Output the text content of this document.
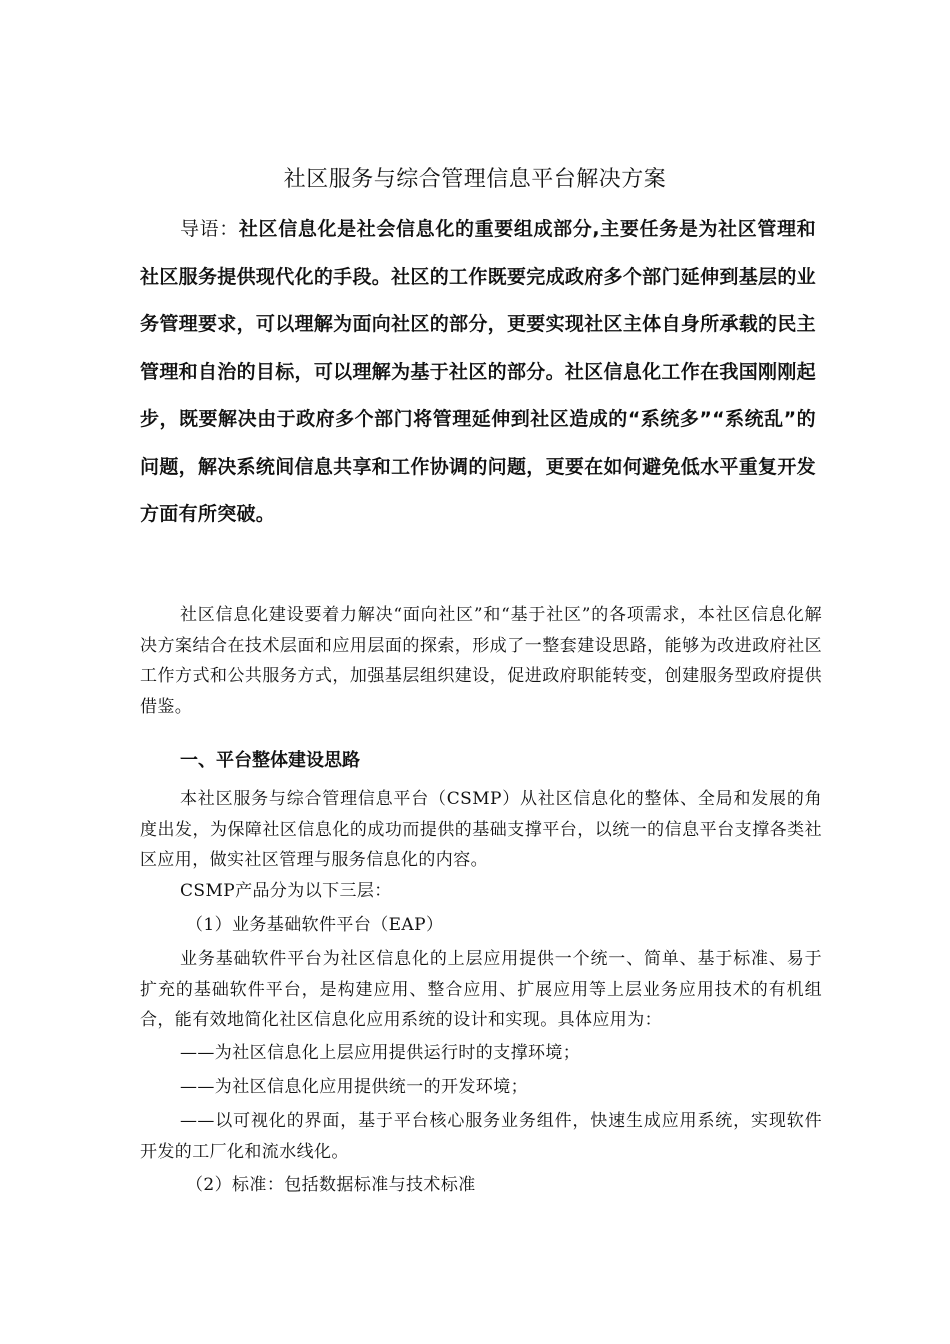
社区服务与综合管理信息平台解决方案

导语：社区信息化是社会信息化的重要组成部分,主要任务是为社区管理和社区服务提供现代化的手段。社区的工作既要完成政府多个部门延伸到基层的业务管理要求，可以理解为面向社区的部分，更要实现社区主体自身所承载的民主管理和自治的目标，可以理解为基于社区的部分。社区信息化工作在我国刚刚起步，既要解决由于政府多个部门将管理延伸到社区造成的“系统多”“系统乱”的问题，解决系统间信息共享和工作协调的问题，更要在如何避免低水平重复开发方面有所突破。

社区信息化建设要着力解决“面向社区”和“基于社区”的各项需求，本社区信息化解决方案结合在技术层面和应用层面的探索，形成了一整套建设思路，能够为改进政府社区工作方式和公共服务方式，加强基层组织建设，促进政府职能转变，创建服务型政府提供借鉴。

一、平台整体建设思路

本社区服务与综合管理信息平台（CSMP）从社区信息化的整体、全局和发展的角度出发，为保障社区信息化的成功而提供的基础支撑平台，以统一的信息平台支撑各类社区应用，做实社区管理与服务信息化的内容。

CSMP产品分为以下三层：

（1）业务基础软件平台（EAP）

业务基础软件平台为社区信息化的上层应用提供一个统一、简单、基于标准、易于扩充的基础软件平台，是构建应用、整合应用、扩展应用等上层业务应用技术的有机组合，能有效地简化社区信息化应用系统的设计和实现。具体应用为：

——为社区信息化上层应用提供运行时的支撑环境；

——为社区信息化应用提供统一的开发环境；

——以可视化的界面，基于平台核心服务业务组件，快速生成应用系统，实现软件开发的工厂化和流水线化。

（2）标准：包括数据标准与技术标准
